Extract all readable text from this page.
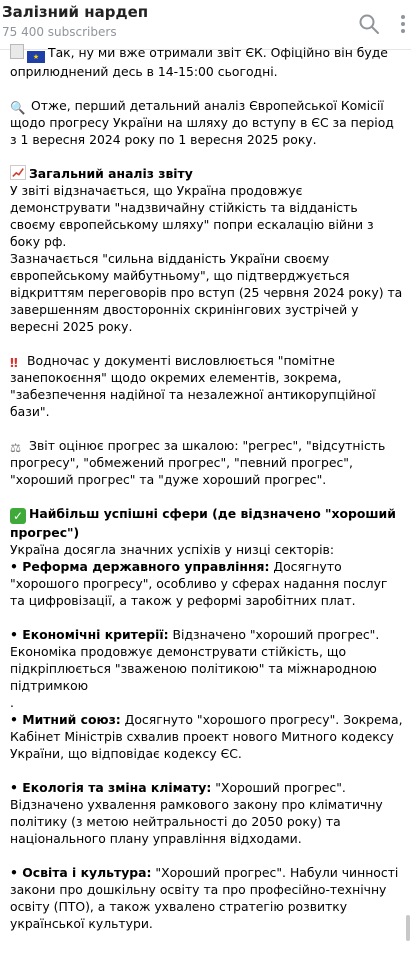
Залізний нардеп
75 400 subscribers

★ Так, ну ми вже отримали звіт ЄК. Офіційно він буде оприлюднений десь в 14-15:00 сьогодні.

🔍 Отже, перший детальний аналіз Європейської Комісії щодо прогресу України на шляху до вступу в ЄС за період з 1 вересня 2024 року по 1 вересня 2025 року.

Загальний аналіз звіту

У звіті відзначається, що Україна продовжує демонструвати "надзвичайну стійкість та відданість своєму європейському шляху" попри ескалацію війни з боку рф.

Зазначається "сильна відданість України своєму європейському майбутньому", що підтверджується відкриттям переговорів про вступ (25 червня 2024 року) та завершенням двосторонніх скринінгових зустрічей у вересні 2025 року.

‼ Водночас у документі висловлюється "помітне занепокоєння" щодо окремих елементів, зокрема, "забезпечення надійної та незалежної антикорупційної бази".

⚖ Звіт оцінює прогрес за шкалою: "регрес", "відсутність прогресу", "обмежений прогрес", "певний прогрес", "хороший прогрес" та "дуже хороший прогрес".

✓ Найбільш успішні сфери (де відзначено "хороший прогрес")

Україна досягла значних успіхів у низці секторів:

• Реформа державного управління: Досягнуто "хорошого прогресу", особливо у сферах надання послуг та цифровізації, а також у реформі заробітних плат.

• Економічні критерії: Відзначено "хороший прогрес". Економіка продовжує демонструвати стійкість, що підкріплюється "зваженою політикою" та міжнародною підтримкою

.

• Митний союз: Досягнуто "хорошого прогресу". Зокрема, Кабінет Міністрів схвалив проект нового Митного кодексу України, що відповідає кодексу ЄС.

• Екологія та зміна клімату: "Хороший прогрес". Відзначено ухвалення рамкового закону про кліматичну політику (з метою нейтральності до 2050 року) та національного плану управління відходами.

• Освіта і культура: "Хороший прогрес". Набули чинності закони про дошкільну освіту та про професійно-технічну освіту (ПТО), а також ухвалено стратегію розвитку української культури.
